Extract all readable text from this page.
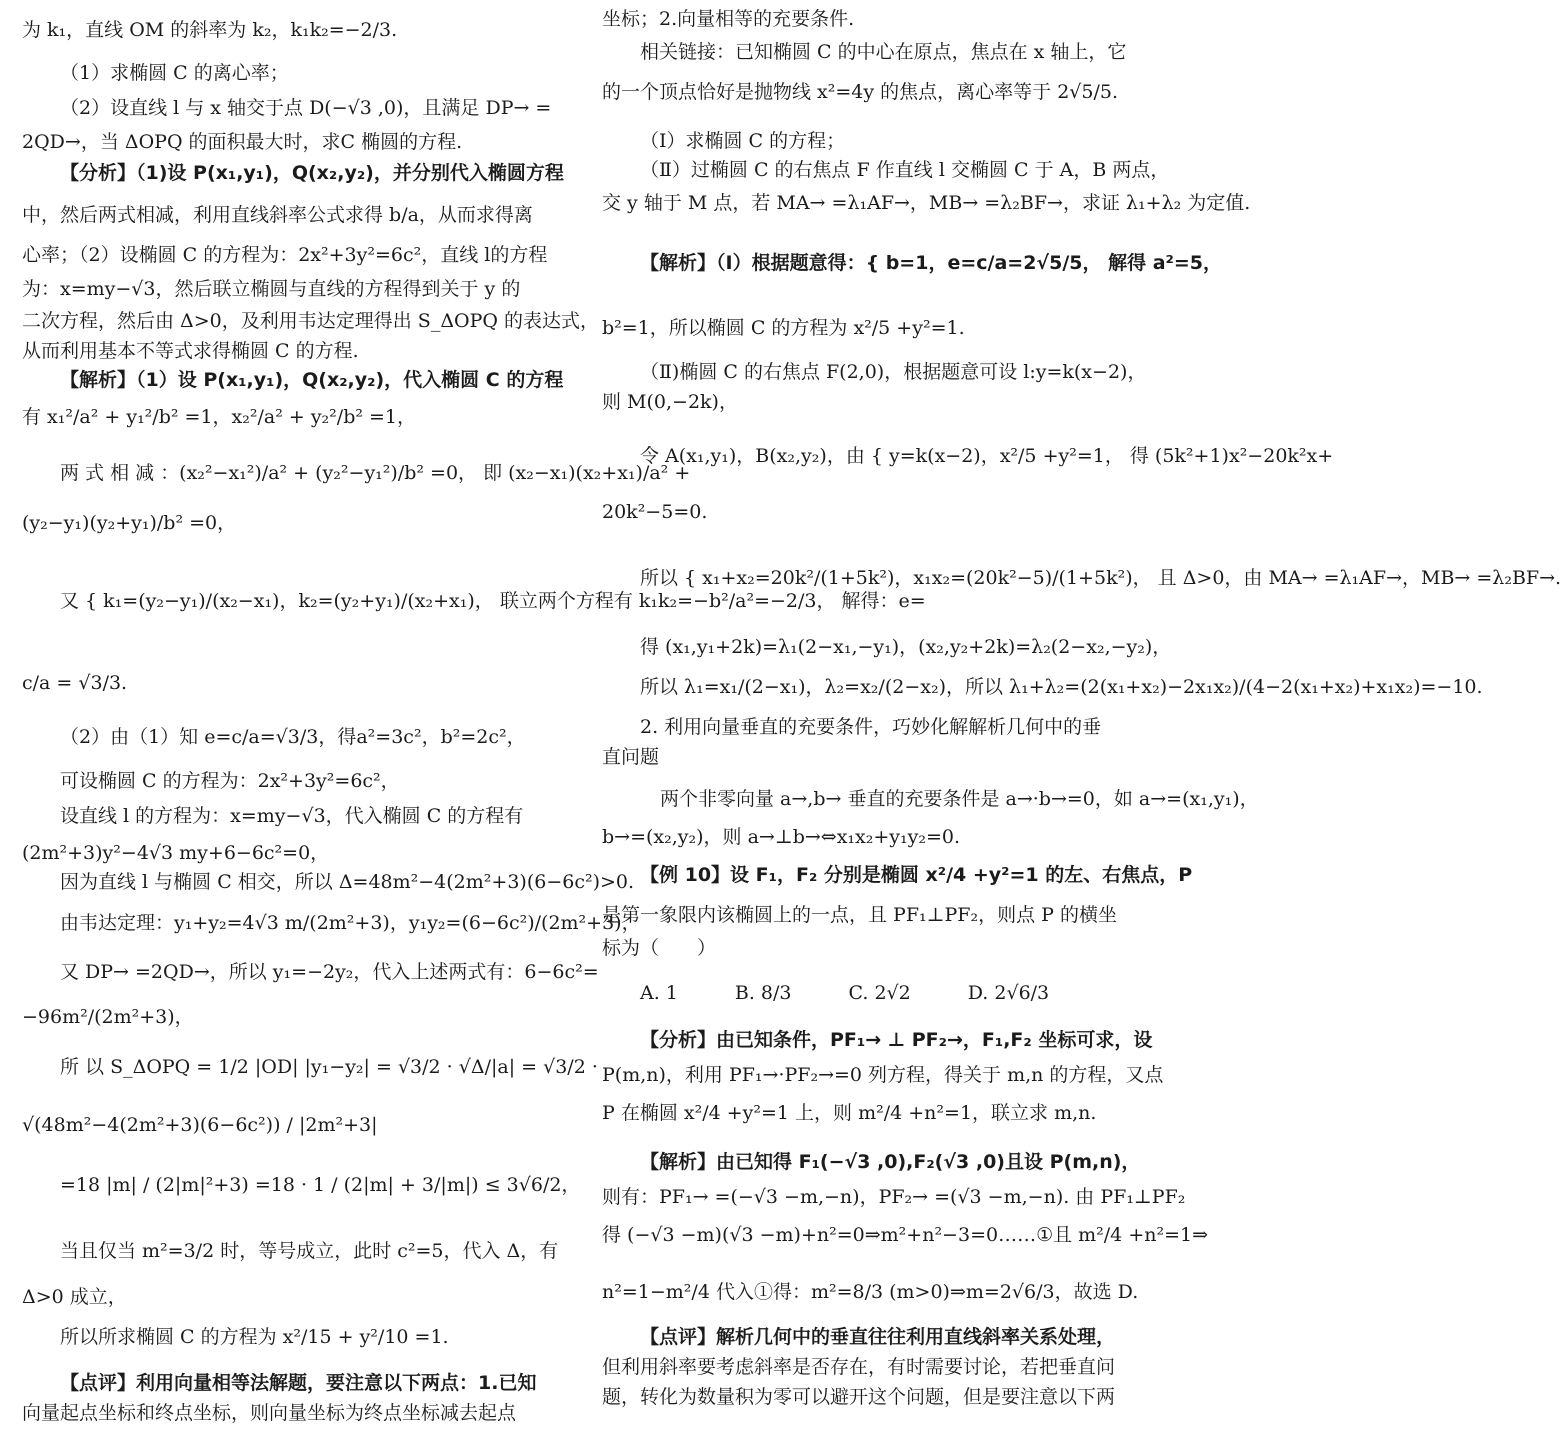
为 k₁，直线 OM 的斜率为 k₂，k₁k₂=−2/3.
（1）求椭圆 C 的离心率；
（2）设直线 l 与 x 轴交于点 D(−√3 ,0)，且满足 DP→ =
2QD→，当 ΔOPQ 的面积最大时，求C 椭圆的方程.
【分析】（1)设 P(x₁,y₁)，Q(x₂,y₂)，并分别代入椭圆方程
中，然后两式相减，利用直线斜率公式求得 b/a，从而求得离
心率；（2）设椭圆 C 的方程为：2x²+3y²=6c²，直线 l的方程
为：x=my−√3，然后联立椭圆与直线的方程得到关于 y 的
二次方程，然后由 Δ>0，及利用韦达定理得出 S_ΔOPQ 的表达式，
从而利用基本不等式求得椭圆 C 的方程.
【解析】（1）设 P(x₁,y₁)，Q(x₂,y₂)，代入椭圆 C 的方程
有 x₁²/a² + y₁²/b² =1，x₂²/a² + y₂²/b² =1，
两 式 相 减 ：(x₂²−x₁²)/a² + (y₂²−y₁²)/b² =0， 即 (x₂−x₁)(x₂+x₁)/a² +
(y₂−y₁)(y₂+y₁)/b² =0，
又 { k₁=(y₂−y₁)/(x₂−x₁)，k₂=(y₂+y₁)/(x₂+x₁)， 联立两个方程有 k₁k₂=−b²/a²=−2/3， 解得：e=
c/a = √3/3.
（2）由（1）知 e=c/a=√3/3，得a²=3c²，b²=2c²，
可设椭圆 C 的方程为：2x²+3y²=6c²，
设直线 l 的方程为：x=my−√3，代入椭圆 C 的方程有
(2m²+3)y²−4√3 my+6−6c²=0，
因为直线 l 与椭圆 C 相交，所以 Δ=48m²−4(2m²+3)(6−6c²)>0.
由韦达定理：y₁+y₂=4√3 m/(2m²+3)，y₁y₂=(6−6c²)/(2m²+3)，
又 DP→ =2QD→，所以 y₁=−2y₂，代入上述两式有：6−6c²=
−96m²/(2m²+3)，
所 以 S_ΔOPQ = 1/2 |OD| |y₁−y₂| = √3/2 · √Δ/|a| = √3/2 ·
√(48m²−4(2m²+3)(6−6c²)) / |2m²+3|
=18 |m| / (2|m|²+3) =18 · 1 / (2|m| + 3/|m|) ≤ 3√6/2，
当且仅当 m²=3/2 时，等号成立，此时 c²=5，代入 Δ，有
Δ>0 成立，
所以所求椭圆 C 的方程为 x²/15 + y²/10 =1.
【点评】利用向量相等法解题，要注意以下两点：1.已知
向量起点坐标和终点坐标，则向量坐标为终点坐标减去起点
坐标；2.向量相等的充要条件.
相关链接：已知椭圆 C 的中心在原点，焦点在 x 轴上，它
的一个顶点恰好是抛物线 x²=4y 的焦点，离心率等于 2√5/5.
（Ⅰ）求椭圆 C 的方程；
（Ⅱ）过椭圆 C 的右焦点 F 作直线 l 交椭圆 C 于 A，B 两点，
交 y 轴于 M 点，若 MA→ =λ₁AF→，MB→ =λ₂BF→，求证 λ₁+λ₂ 为定值.
【解析】（Ⅰ）根据题意得：{ b=1，e=c/a=2√5/5， 解得 a²=5，
b²=1，所以椭圆 C 的方程为 x²/5 +y²=1.
（Ⅱ)椭圆 C 的右焦点 F(2,0)，根据题意可设 l:y=k(x−2)，
则 M(0,−2k)，
令 A(x₁,y₁)，B(x₂,y₂)，由 { y=k(x−2)，x²/5 +y²=1， 得 (5k²+1)x²−20k²x+
20k²−5=0.
所以 { x₁+x₂=20k²/(1+5k²)，x₁x₂=(20k²−5)/(1+5k²)， 且 Δ>0，由 MA→ =λ₁AF→，MB→ =λ₂BF→.
得 (x₁,y₁+2k)=λ₁(2−x₁,−y₁)，(x₂,y₂+2k)=λ₂(2−x₂,−y₂)，
所以 λ₁=x₁/(2−x₁)，λ₂=x₂/(2−x₂)，所以 λ₁+λ₂=(2(x₁+x₂)−2x₁x₂)/(4−2(x₁+x₂)+x₁x₂)=−10.
2. 利用向量垂直的充要条件，巧妙化解解析几何中的垂
直问题
两个非零向量 a→,b→ 垂直的充要条件是 a→·b→=0，如 a→=(x₁,y₁)，
b→=(x₂,y₂)，则 a→⊥b→⇔x₁x₂+y₁y₂=0.
【例 10】设 F₁，F₂ 分别是椭圆 x²/4 +y²=1 的左、右焦点，P
是第一象限内该椭圆上的一点，且 PF₁⊥PF₂，则点 P 的横坐
标为（　　）
A. 1　　　B. 8/3　　　C. 2√2　　　D. 2√6/3
【分析】由已知条件，PF₁→ ⊥ PF₂→，F₁,F₂ 坐标可求，设
P(m,n)，利用 PF₁→·PF₂→=0 列方程，得关于 m,n 的方程，又点
P 在椭圆 x²/4 +y²=1 上，则 m²/4 +n²=1，联立求 m,n.
【解析】由已知得 F₁(−√3 ,0),F₂(√3 ,0)且设 P(m,n)，
则有：PF₁→ =(−√3 −m,−n)，PF₂→ =(√3 −m,−n). 由 PF₁⊥PF₂
得 (−√3 −m)(√3 −m)+n²=0⇒m²+n²−3=0……①且 m²/4 +n²=1⇒
n²=1−m²/4 代入①得：m²=8/3 (m>0)⇒m=2√6/3，故选 D.
【点评】解析几何中的垂直往往利用直线斜率关系处理，
但利用斜率要考虑斜率是否存在，有时需要讨论，若把垂直问
题，转化为数量积为零可以避开这个问题，但是要注意以下两
